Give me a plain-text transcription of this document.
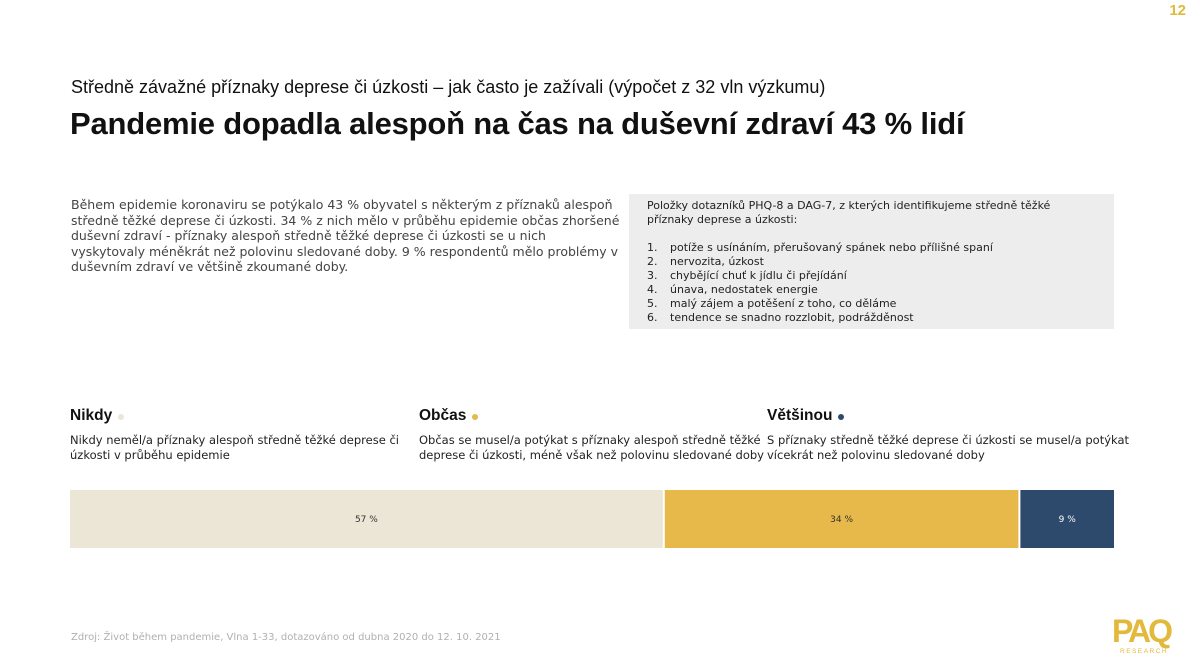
12
Středně závažné příznaky deprese či úzkosti – jak často je zažívali (výpočet z 32 vln výzkumu)
Pandemie dopadla alespoň na čas na duševní zdraví 43 % lidí
Během epidemie koronaviru se potýkalo 43 % obyvatel s některým z příznaků alespoň
středně těžké deprese či úzkosti. 34 % z nich mělo v průběhu epidemie občas zhoršené
duševní zdraví - příznaky alespoň středně těžké deprese či úzkosti se u nich
vyskytovaly méněkrát než polovinu sledované doby. 9 % respondentů mělo problémy v
duševním zdraví ve většině zkoumané doby.
Položky dotazníků PHQ-8 a DAG-7, z kterých identifikujeme středně těžké
příznaky deprese a úzkosti:
1.	potíže s usínáním, přerušovaný spánek nebo přílišné spaní
2.	nervozita, úzkost
3.	chybějící chuť k jídlu či přejídání
4.	únava, nedostatek energie
5.	malý zájem a potěšení z toho, co děláme
6.	tendence se snadno rozzlobit, podrážděnost
Nikdy
Nikdy neměl/a příznaky alespoň středně těžké deprese či
úzkosti v průběhu epidemie
Občas
Občas se musel/a potýkat s příznaky alespoň středně těžké
deprese či úzkosti, méně však než polovinu sledované doby
Většinou
S příznaky středně těžké deprese či úzkosti se musel/a potýkat
vícekrát než polovinu sledované doby
57 %	34 %	9 %
Zdroj: Život během pandemie, Vlna 1-33, dotazováno od dubna 2020 do 12. 10. 2021	PAQ
RESEARCH
